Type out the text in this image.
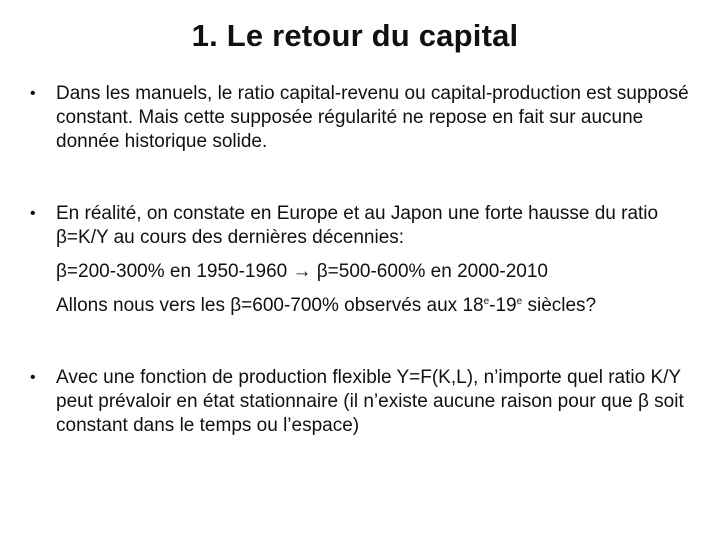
1. Le retour du capital
•	Dans les manuels, le ratio capital-revenu ou capital-production est supposé constant. Mais cette supposée régularité ne repose en fait sur aucune donnée historique solide.

•	En réalité, on constate en Europe et au Japon une forte hausse du ratio β=K/Y au cours des dernières décennies:

β=200-300% en 1950-1960 → β=500-600% en 2000-2010

Allons nous vers les β=600-700% observés aux 18e-19e siècles?

•	Avec une fonction de production flexible Y=F(K,L), n’importe quel ratio K/Y peut prévaloir en état stationnaire (il n’existe aucune raison pour que β soit constant dans le temps ou l’espace)
